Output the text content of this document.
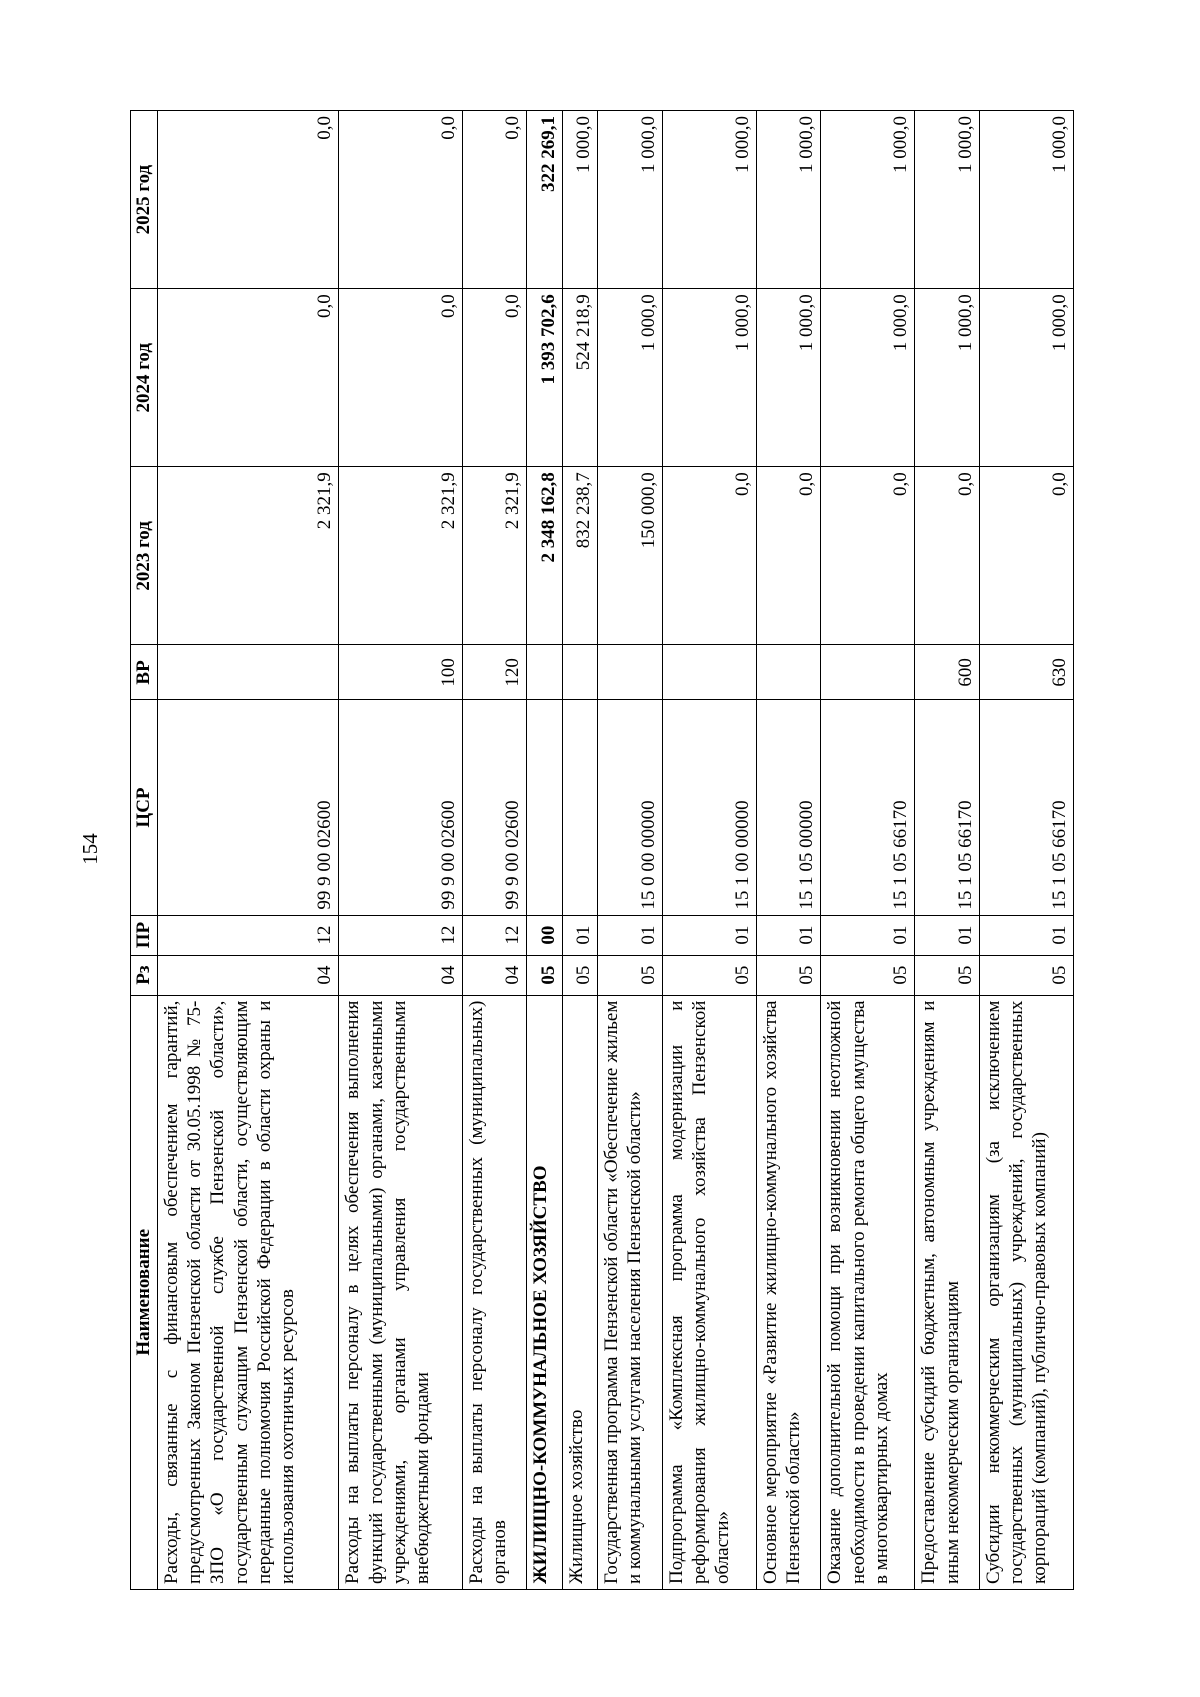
154
Наименование	Рз	ПР	ЦСР	ВР	2023 год	2024 год	2025 год
Расходы, связанные с финансовым обеспечением гарантий, предусмотренных Законом Пензенской области от 30.05.1998 № 75-ЗПО «О государственной службе Пензенской области», государственным служащим Пензенской области, осуществляющим переданные полномочия Российской Федерации в области охраны и использования охотничьих ресурсов	04	12	99 9 00 02600		2 321,9	0,0	0,0
Расходы на выплаты персоналу в целях обеспечения выполнения функций государственными (муниципальными) органами, казенными учреждениями, органами управления государственными внебюджетными фондами	04	12	99 9 00 02600	100	2 321,9	0,0	0,0
Расходы на выплаты персоналу государственных (муниципальных) органов	04	12	99 9 00 02600	120	2 321,9	0,0	0,0
ЖИЛИЩНО-КОММУНАЛЬНОЕ ХОЗЯЙСТВО	05	00			2 348 162,8	1 393 702,6	322 269,1
Жилищное хозяйство	05	01			832 238,7	524 218,9	1 000,0
Государственная программа Пензенской области «Обеспечение жильем и коммунальными услугами населения Пензенской области»	05	01	15 0 00 00000		150 000,0	1 000,0	1 000,0
Подпрограмма «Комплексная программа модернизации и реформирования жилищно-коммунального хозяйства Пензенской области»	05	01	15 1 00 00000		0,0	1 000,0	1 000,0
Основное мероприятие «Развитие жилищно-коммунального хозяйства Пензенской области»	05	01	15 1 05 00000		0,0	1 000,0	1 000,0
Оказание дополнительной помощи при возникновении неотложной необходимости в проведении капитального ремонта общего имущества в многоквартирных домах	05	01	15 1 05 66170		0,0	1 000,0	1 000,0
Предоставление субсидий бюджетным, автономным учреждениям и иным некоммерческим организациям	05	01	15 1 05 66170	600	0,0	1 000,0	1 000,0
Субсидии некоммерческим организациям (за исключением государственных (муниципальных) учреждений, государственных корпораций (компаний), публично-правовых компаний)	05	01	15 1 05 66170	630	0,0	1 000,0	1 000,0
